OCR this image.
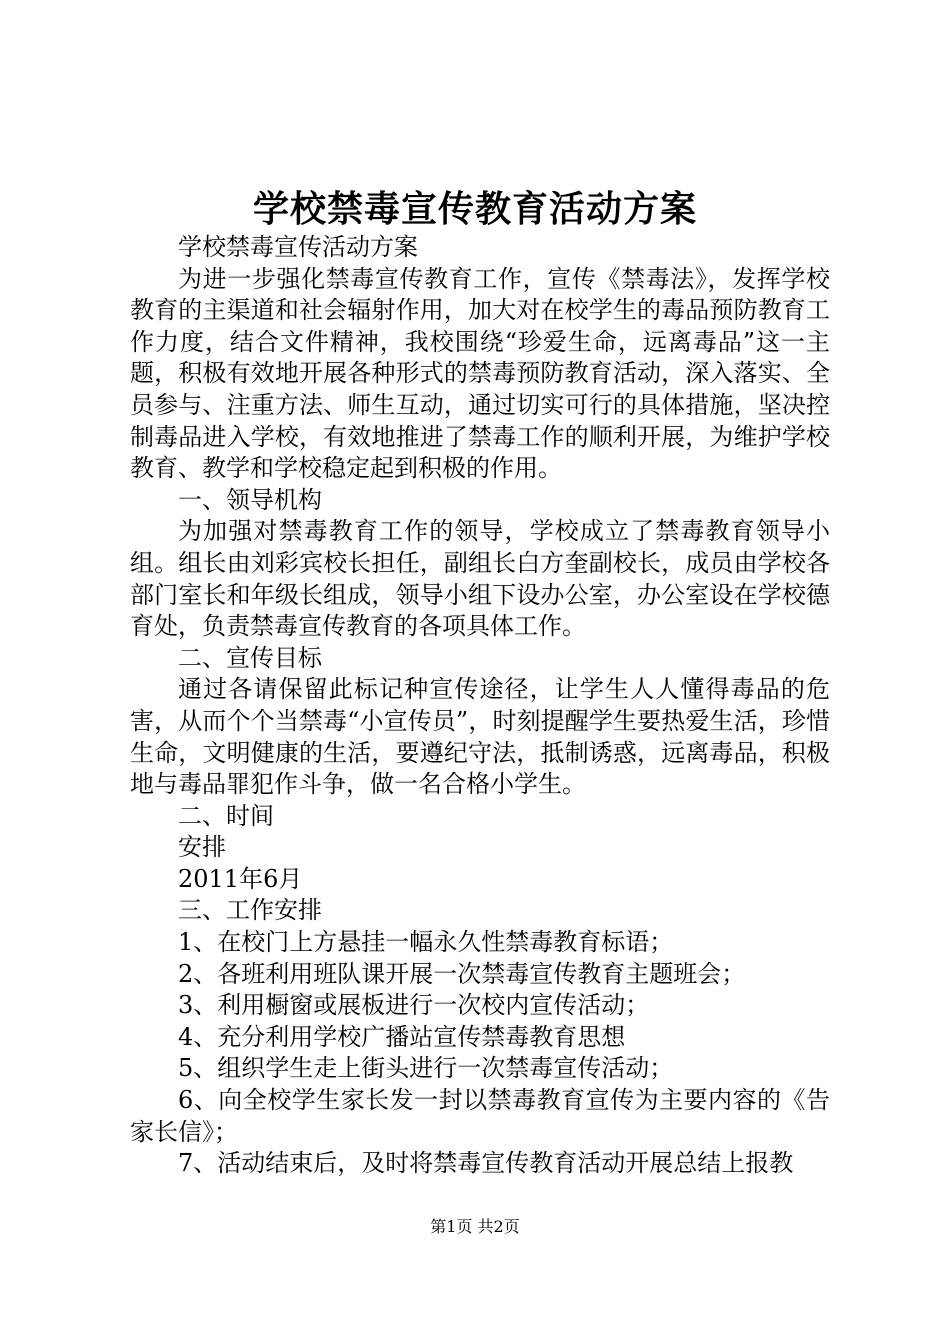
学校禁毒宣传教育活动方案

学校禁毒宣传活动方案

为进一步强化禁毒宣传教育工作，宣传《禁毒法》，发挥学校教育的主渠道和社会辐射作用，加大对在校学生的毒品预防教育工作力度，结合文件精神，我校围绕“珍爱生命，远离毒品”这一主题，积极有效地开展各种形式的禁毒预防教育活动，深入落实、全员参与、注重方法、师生互动，通过切实可行的具体措施，坚决控制毒品进入学校，有效地推进了禁毒工作的顺利开展，为维护学校教育、教学和学校稳定起到积极的作用。

一、领导机构

为加强对禁毒教育工作的领导，学校成立了禁毒教育领导小组。组长由刘彩宾校长担任，副组长白方奎副校长，成员由学校各部门室长和年级长组成，领导小组下设办公室，办公室设在学校德育处，负责禁毒宣传教育的各项具体工作。

二、宣传目标

通过各请保留此标记种宣传途径，让学生人人懂得毒品的危害，从而个个当禁毒“小宣传员”，时刻提醒学生要热爱生活，珍惜生命，文明健康的生活，要遵纪守法，抵制诱惑，远离毒品，积极地与毒品罪犯作斗争，做一名合格小学生。

二、时间

安排

2011年6月

三、工作安排

1、在校门上方悬挂一幅永久性禁毒教育标语；

2、各班利用班队课开展一次禁毒宣传教育主题班会；

3、利用橱窗或展板进行一次校内宣传活动；

4、充分利用学校广播站宣传禁毒教育思想

5、组织学生走上街头进行一次禁毒宣传活动；

6、向全校学生家长发一封以禁毒教育宣传为主要内容的《告家长信》；

7、活动结束后，及时将禁毒宣传教育活动开展总结上报教

第1页 共2页
